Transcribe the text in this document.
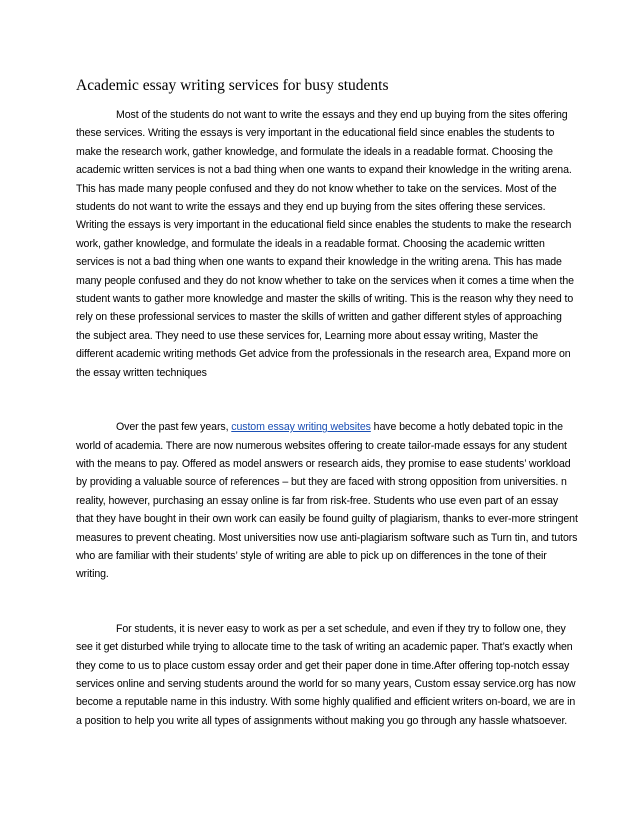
Academic essay writing services for busy students

Most of the students do not want to write the essays and they end up buying from the sites offering these services. Writing the essays is very important in the educational field since enables the students to make the research work, gather knowledge, and formulate the ideals in a readable format. Choosing the academic written services is not a bad thing when one wants to expand their knowledge in the writing arena. This has made many people confused and they do not know whether to take on the services. Most of the students do not want to write the essays and they end up buying from the sites offering these services. Writing the essays is very important in the educational field since enables the students to make the research work, gather knowledge, and formulate the ideals in a readable format. Choosing the academic written services is not a bad thing when one wants to expand their knowledge in the writing arena. This has made many people confused and they do not know whether to take on the services when it comes a time when the student wants to gather more knowledge and master the skills of writing. This is the reason why they need to rely on these professional services to master the skills of written and gather different styles of approaching the subject area. They need to use these services for, Learning more about essay writing, Master the different academic writing methods Get advice from the professionals in the research area, Expand more on the essay written techniques

Over the past few years, custom essay writing websites have become a hotly debated topic in the world of academia. There are now numerous websites offering to create tailor-made essays for any student with the means to pay. Offered as model answers or research aids, they promise to ease students’ workload by providing a valuable source of references – but they are faced with strong opposition from universities. n reality, however, purchasing an essay online is far from risk-free. Students who use even part of an essay that they have bought in their own work can easily be found guilty of plagiarism, thanks to ever-more stringent measures to prevent cheating. Most universities now use anti-plagiarism software such as Turn tin, and tutors who are familiar with their students’ style of writing are able to pick up on differences in the tone of their writing.

For students, it is never easy to work as per a set schedule, and even if they try to follow one, they see it get disturbed while trying to allocate time to the task of writing an academic paper. That’s exactly when they come to us to place custom essay order and get their paper done in time.After offering top-notch essay services online and serving students around the world for so many years, Custom essay service.org has now become a reputable name in this industry. With some highly qualified and efficient writers on-board, we are in a position to help you write all types of assignments without making you go through any hassle whatsoever.
